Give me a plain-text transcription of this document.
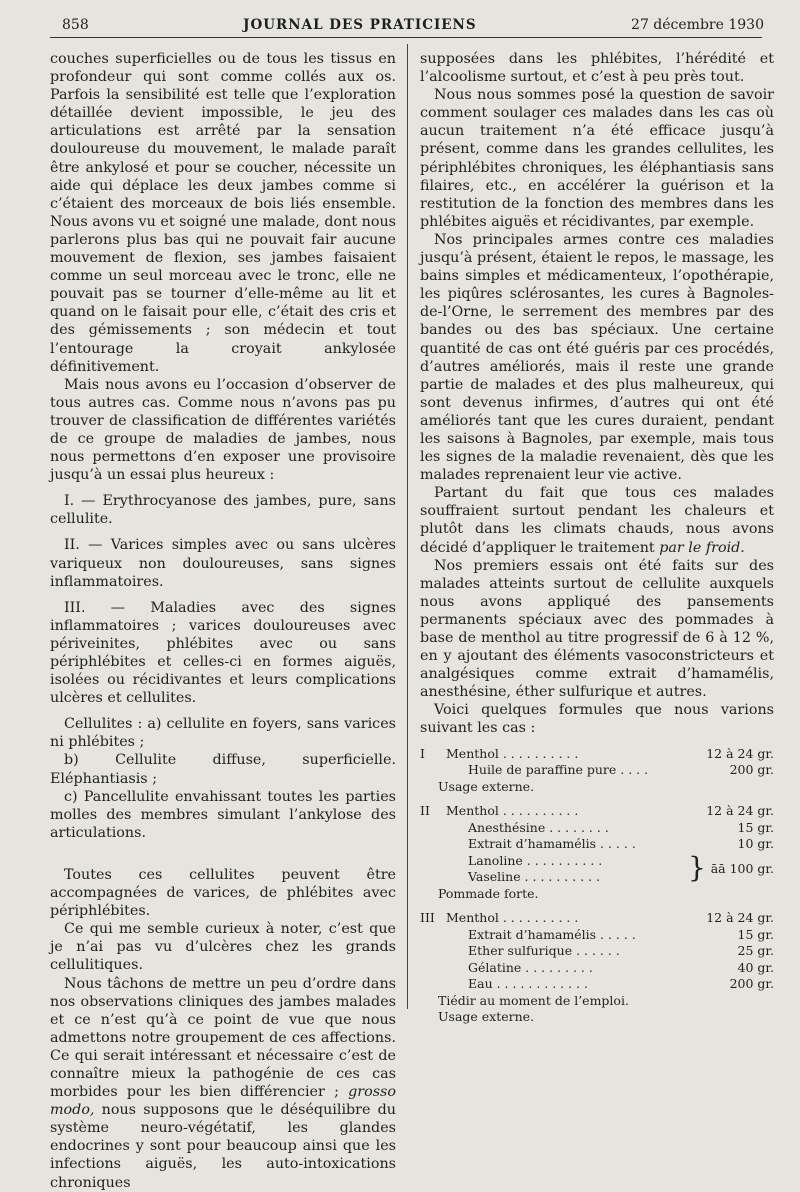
858	JOURNAL DES PRATICIENS	27 décembre 1930

couches superficielles ou de tous les tissus en profondeur qui sont comme collés aux os. Parfois la sensibilité est telle que l’exploration détaillée devient impossible, le jeu des articulations est arrêté par la sensation douloureuse du mouvement, le malade paraît être ankylosé et pour se coucher, nécessite un aide qui déplace les deux jambes comme si c’étaient des morceaux de bois liés ensemble. Nous avons vu et soigné une malade, dont nous parlerons plus bas qui ne pouvait fair aucune mouvement de flexion, ses jambes faisaient comme un seul morceau avec le tronc, elle ne pouvait pas se tourner d’elle-même au lit et quand on le faisait pour elle, c’était des cris et des gémissements ; son médecin et tout l’entourage la croyait ankylosée définitivement.

Mais nous avons eu l’occasion d’observer de tous autres cas. Comme nous n’avons pas pu trouver de classification de différentes variétés de ce groupe de maladies de jambes, nous nous permettons d’en exposer une provisoire jusqu’à un essai plus heureux :

I. — Erythrocyanose des jambes, pure, sans cellulite.

II. — Varices simples avec ou sans ulcères variqueux non douloureuses, sans signes inflammatoires.

III. — Maladies avec des signes inflammatoires ; varices douloureuses avec périveinites, phlébites avec ou sans périphlébites et celles-ci en formes aiguës, isolées ou récidivantes et leurs complications ulcères et cellulites.

Cellulites : a) cellulite en foyers, sans varices ni phlébites ;

b) Cellulite diffuse, superficielle. Eléphantiasis ;

c) Pancellulite envahissant toutes les parties molles des membres simulant l’ankylose des articulations.

Toutes ces cellulites peuvent être accompagnées de varices, de phlébites avec périphlébites.

Ce qui me semble curieux à noter, c’est que je n’ai pas vu d’ulcères chez les grands cellulitiques.

Nous tâchons de mettre un peu d’ordre dans nos observations cliniques des jambes malades et ce n’est qu’à ce point de vue que nous admettons notre groupement de ces affections. Ce qui serait intéressant et nécessaire c’est de connaître mieux la pathogénie de ces cas morbides pour les bien différencier ; grosso modo, nous supposons que le déséquilibre du système neuro-végétatif, les glandes endocrines y sont pour beaucoup ainsi que les infections aiguës, les auto-intoxications chroniques

supposées dans les phlébites, l’hérédité et l’alcoolisme surtout, et c’est à peu près tout.

Nous nous sommes posé la question de savoir comment soulager ces malades dans les cas où aucun traitement n’a été efficace jusqu’à présent, comme dans les grandes cellulites, les périphlébites chroniques, les éléphantiasis sans filaires, etc., en accélérer la guérison et la restitution de la fonction des membres dans les phlébites aiguës et récidivantes, par exemple.

Nos principales armes contre ces maladies jusqu’à présent, étaient le repos, le massage, les bains simples et médicamenteux, l’opothérapie, les piqûres sclérosantes, les cures à Bagnoles-de-l’Orne, le serrement des membres par des bandes ou des bas spéciaux. Une certaine quantité de cas ont été guéris par ces procédés, d’autres améliorés, mais il reste une grande partie de malades et des plus malheureux, qui sont devenus infirmes, d’autres qui ont été améliorés tant que les cures duraient, pendant les saisons à Bagnoles, par exemple, mais tous les signes de la maladie revenaient, dès que les malades reprenaient leur vie active.

Partant du fait que tous ces malades souffraient surtout pendant les chaleurs et plutôt dans les climats chauds, nous avons décidé d’appliquer le traitement par le froid.

Nos premiers essais ont été faits sur des malades atteints surtout de cellulite auxquels nous avons appliqué des pansements permanents spéciaux avec des pommades à base de menthol au titre progressif de 6 à 12 %, en y ajoutant des éléments vasoconstricteurs et analgésiques comme extrait d’hamamélis, anesthésine, éther sulfurique et autres.

Voici quelques formules que nous varions suivant les cas :

I	Menthol . . . . . . . . . .	12 à 24 gr.
Huile de paraffine pure . . . .	200 gr.
Usage externe.
II	Menthol . . . . . . . . . .	12 à 24 gr.
Anesthésine . . . . . . . .	15 gr.
Extrait d’hamamélis . . . . .	10 gr.
Lanoline . . . . . . . . . .
Vaseline . . . . . . . . . .	} āā 100 gr.
Pommade forte.
III Menthol . . . . . . . . . .	12 à 24 gr.
Extrait d’hamamélis . . . . .	15 gr.
Ether sulfurique . . . . . .	25 gr.
Gélatine . . . . . . . . .	40 gr.
Eau . . . . . . . . . . . .	200 gr.
Tiédir au moment de l’emploi.
Usage externe.
